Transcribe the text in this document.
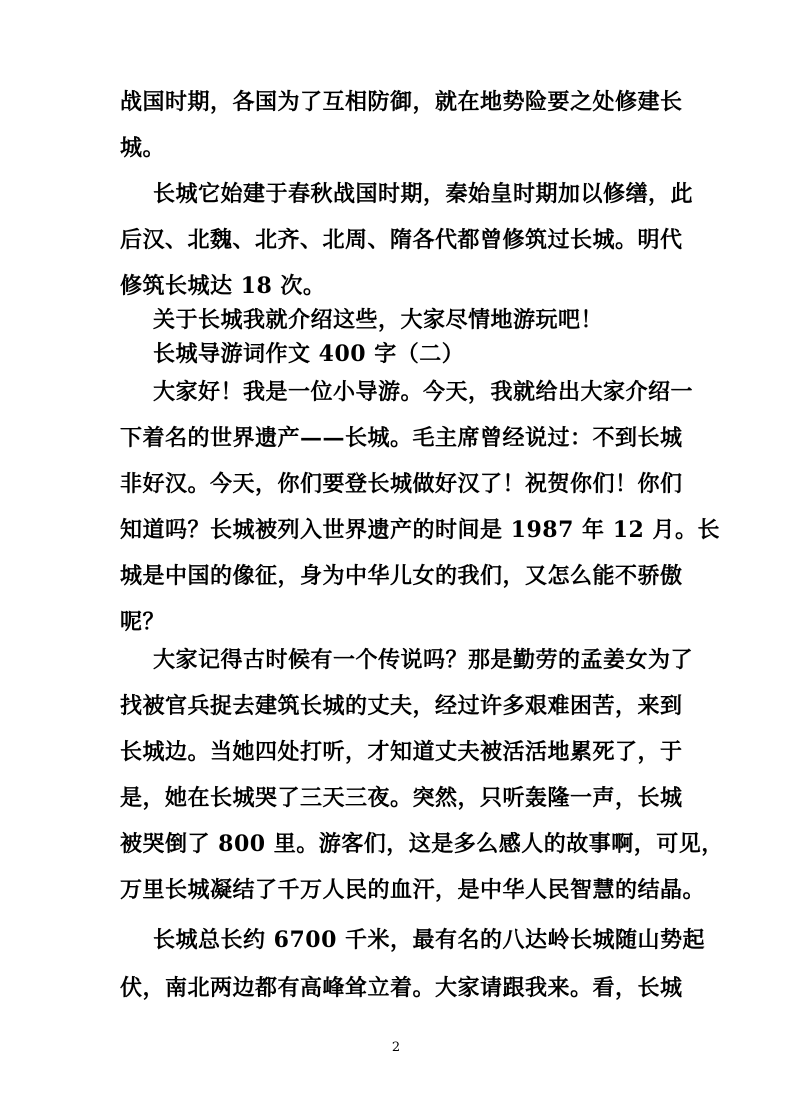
战国时期，各国为了互相防御，就在地势险要之处修建长
城。
长城它始建于春秋战国时期，秦始皇时期加以修缮，此
后汉、北魏、北齐、北周、隋各代都曾修筑过长城。明代
修筑长城达 18 次。
关于长城我就介绍这些，大家尽情地游玩吧！
长城导游词作文 400 字（二）
大家好！我是一位小导游。今天，我就给出大家介绍一
下着名的世界遗产——长城。毛主席曾经说过：不到长城
非好汉。今天，你们要登长城做好汉了！祝贺你们！你们
知道吗？长城被列入世界遗产的时间是 1987 年 12 月。长
城是中国的像征，身为中华儿女的我们，又怎么能不骄傲
呢？
大家记得古时候有一个传说吗？那是勤劳的孟姜女为了
找被官兵捉去建筑长城的丈夫，经过许多艰难困苦，来到
长城边。当她四处打听，才知道丈夫被活活地累死了，于
是，她在长城哭了三天三夜。突然，只听轰隆一声，长城
被哭倒了 800 里。游客们，这是多么感人的故事啊，可见，
万里长城凝结了千万人民的血汗，是中华人民智慧的结晶。
长城总长约 6700 千米，最有名的八达岭长城随山势起
伏，南北两边都有高峰耸立着。大家请跟我来。看，长城
2
